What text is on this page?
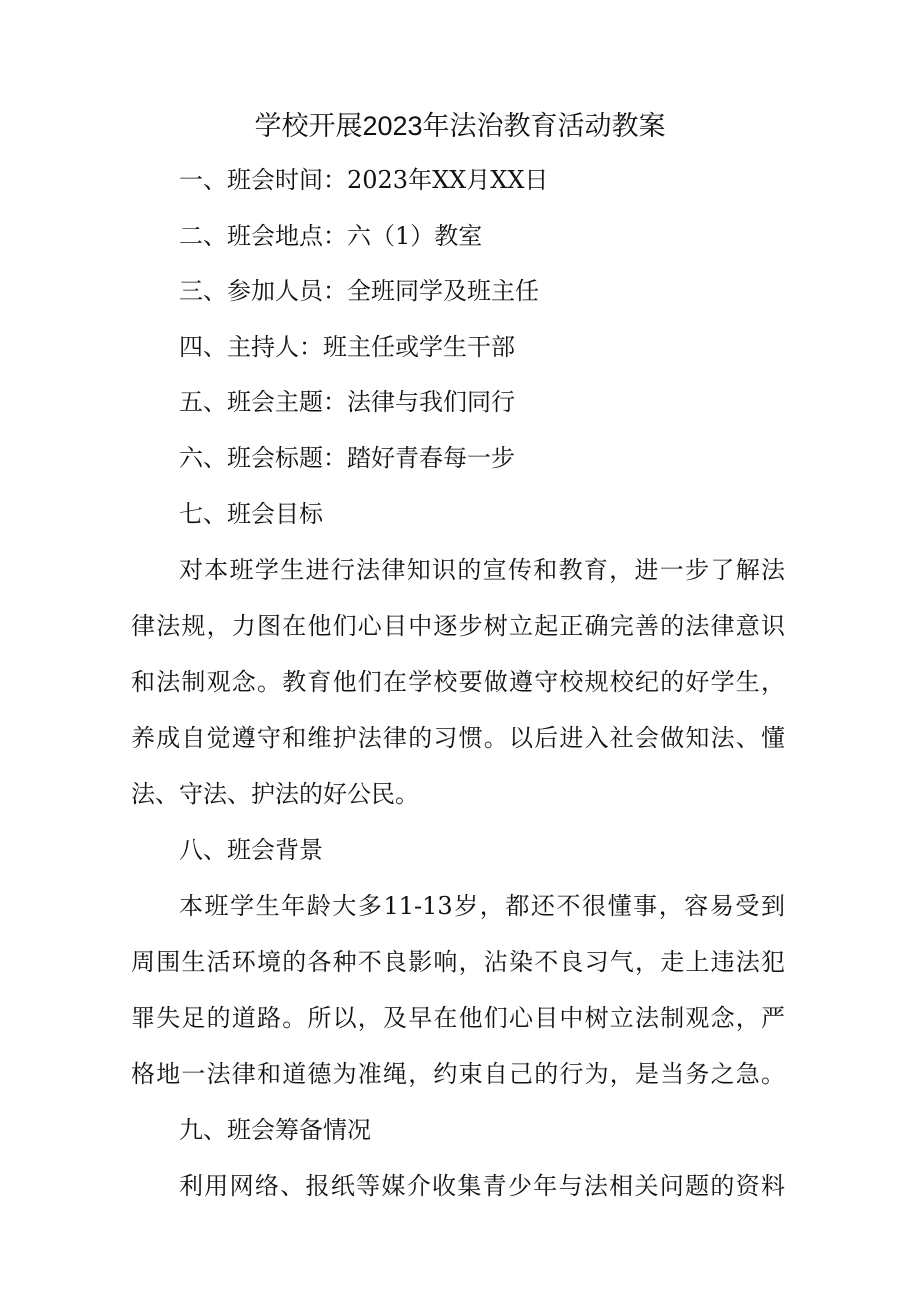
学校开展2023年法治教育活动教案
一、班会时间：2023年XX月XX日
二、班会地点：六（1）教室
三、参加人员：全班同学及班主任
四、主持人：班主任或学生干部
五、班会主题：法律与我们同行
六、班会标题：踏好青春每一步
七、班会目标
对本班学生进行法律知识的宣传和教育，进一步了解法
律法规，力图在他们心目中逐步树立起正确完善的法律意识
和法制观念。教育他们在学校要做遵守校规校纪的好学生，
养成自觉遵守和维护法律的习惯。以后进入社会做知法、懂
法、守法、护法的好公民。
八、班会背景
本班学生年龄大多11-13岁，都还不很懂事，容易受到
周围生活环境的各种不良影响，沾染不良习气，走上违法犯
罪失足的道路。所以，及早在他们心目中树立法制观念，严
格地一法律和道德为准绳，约束自己的行为，是当务之急。
九、班会筹备情况
利用网络、报纸等媒介收集青少年与法相关问题的资料
